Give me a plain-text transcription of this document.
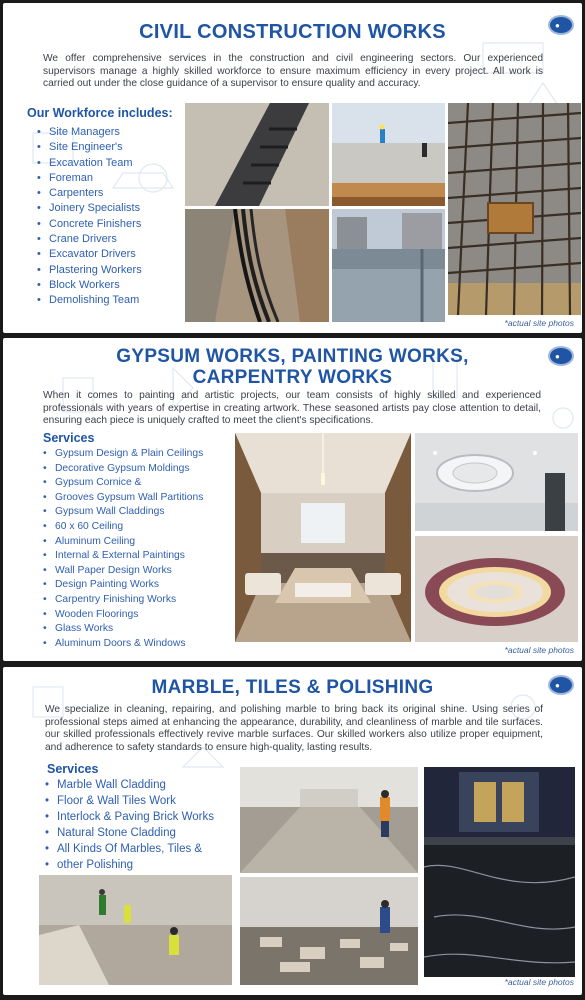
CIVIL CONSTRUCTION WORKS	●
We offer comprehensive services in the construction and civil engineering sectors. Our experienced supervisors manage a highly skilled workforce to ensure maximum efficiency in every project. All work is carried out under the close guidance of a supervisor to ensure quality and accuracy.
Our Workforce includes:
• Site Managers
• Site Engineer's
• Excavation Team
• Foreman
• Carpenters
• Joinery Specialists
• Concrete Finishers
• Crane Drivers
• Excavator Drivers
• Plastering Workers
• Block Workers
• Demolishing Team
*actual site photos
GYPSUM WORKS, PAINTING WORKS,
CARPENTRY WORKS
●
When it comes to painting and artistic projects, our team consists of highly skilled and experienced professionals with years of expertise in creating artwork. These seasoned artists pay close attention to detail, ensuring each piece is uniquely crafted to meet the client's specifications.
Services
• Gypsum Design & Plain Ceilings
• Decorative Gypsum Moldings
• Gypsum Cornice &
• Grooves Gypsum Wall Partitions
• Gypsum Wall Claddings
• 60 x 60 Ceiling
• Aluminum Ceiling
• Internal & External Paintings
• Wall Paper Design Works
• Design Painting Works
• Carpentry Finishing Works
• Wooden Floorings
• Glass Works
• Aluminum Doors & Windows
*actual site photos
MARBLE, TILES & POLISHING	●
We specialize in cleaning, repairing, and polishing marble to bring back its original shine. Using series of professional steps aimed at enhancing the appearance, durability, and cleanliness of marble and tile surfaces. our skilled professionals effectively revive marble surfaces. Our skilled workers also utilize proper equipment, and adherence to safety standards to ensure high-quality, lasting results.
Services
• Marble Wall Cladding
• Floor & Wall Tiles Work
• Interlock & Paving Brick Works
• Natural Stone Cladding
• All Kinds Of Marbles, Tiles &
• other Polishing
*actual site photos
